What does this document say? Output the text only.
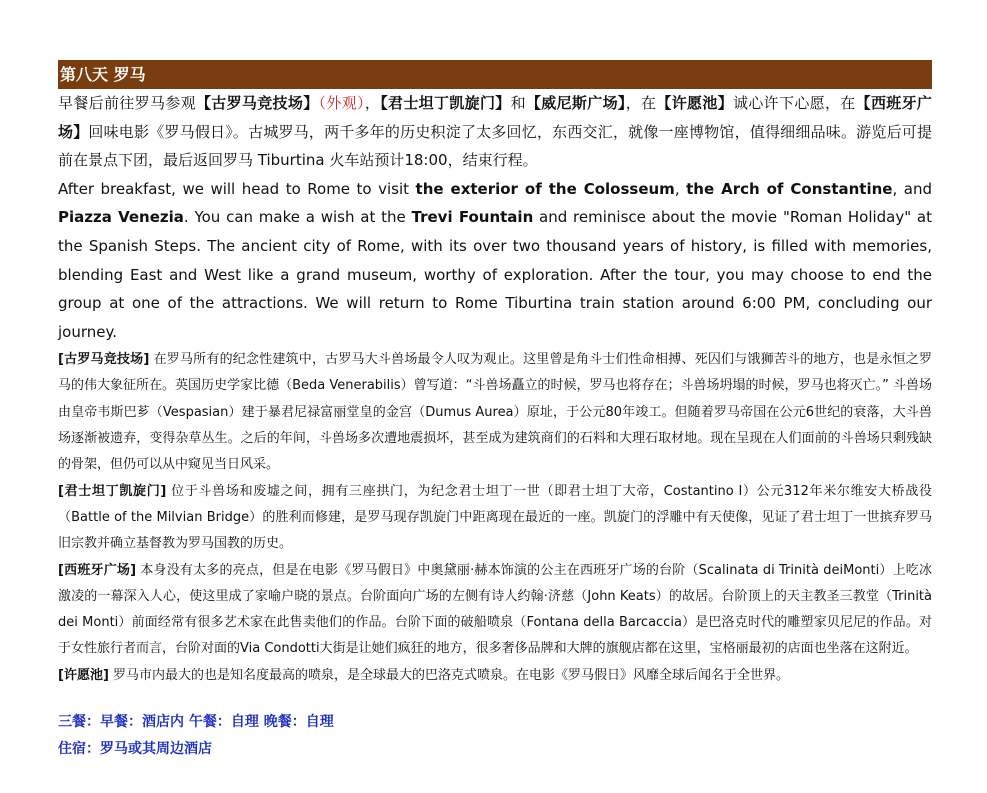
第八天 罗马
早餐后前往罗马参观【古罗马竞技场】（外观），【君士坦丁凯旋门】和【威尼斯广场】，在【许愿池】诚心许下心愿，在【西班牙广场】回味电影《罗马假日》。古城罗马，两千多年的历史积淀了太多回忆，东西交汇，就像一座博物馆，值得细细品味。游览后可提前在景点下团，最后返回罗马 Tiburtina 火车站预计18:00，结束行程。
After breakfast, we will head to Rome to visit the exterior of the Colosseum, the Arch of Constantine, and Piazza Venezia. You can make a wish at the Trevi Fountain and reminisce about the movie "Roman Holiday" at the Spanish Steps. The ancient city of Rome, with its over two thousand years of history, is filled with memories, blending East and West like a grand museum, worthy of exploration. After the tour, you may choose to end the group at one of the attractions. We will return to Rome Tiburtina train station around 6:00 PM, concluding our journey.
[古罗马竞技场] 在罗马所有的纪念性建筑中，古罗马大斗兽场最令人叹为观止。这里曾是角斗士们性命相搏、死囚们与饿狮苦斗的地方，也是永恒之罗马的伟大象征所在。英国历史学家比德（Beda Venerabilis）曾写道：“斗兽场矗立的时候，罗马也将存在；斗兽场坍塌的时候，罗马也将灭亡。” 斗兽场由皇帝韦斯巴芗（Vespasian）建于暴君尼禄富丽堂皇的金宫（Dumus Aurea）原址，于公元80年竣工。但随着罗马帝国在公元6世纪的衰落，大斗兽场逐渐被遗弃，变得杂草丛生。之后的年间，斗兽场多次遭地震损坏，甚至成为建筑商们的石料和大理石取材地。现在呈现在人们面前的斗兽场只剩残缺的骨架，但仍可以从中窥见当日风采。
[君士坦丁凯旋门] 位于斗兽场和废墟之间，拥有三座拱门，为纪念君士坦丁一世（即君士坦丁大帝，Costantino I）公元312年米尔维安大桥战役（Battle of the Milvian Bridge）的胜利而修建，是罗马现存凯旋门中距离现在最近的一座。凯旋门的浮雕中有天使像，见证了君士坦丁一世摈弃罗马旧宗教并确立基督教为罗马国教的历史。
[西班牙广场] 本身没有太多的亮点，但是在电影《罗马假日》中奥黛丽·赫本饰演的公主在西班牙广场的台阶（Scalinata di Trinità deiMonti）上吃冰激凌的一幕深入人心，使这里成了家喻户晓的景点。台阶面向广场的左侧有诗人约翰·济慈（John Keats）的故居。台阶顶上的天主教圣三教堂（Trinità dei Monti）前面经常有很多艺术家在此售卖他们的作品。台阶下面的破船喷泉（Fontana della Barcaccia）是巴洛克时代的雕塑家贝尼尼的作品。对于女性旅行者而言，台阶对面的Via Condotti大街是让她们疯狂的地方，很多奢侈品牌和大牌的旗舰店都在这里，宝格丽最初的店面也坐落在这附近。
[许愿池] 罗马市内最大的也是知名度最高的喷泉，是全球最大的巴洛克式喷泉。在电影《罗马假日》风靡全球后闻名于全世界。
三餐：早餐：酒店内 午餐：自理 晚餐：自理
住宿：罗马或其周边酒店
